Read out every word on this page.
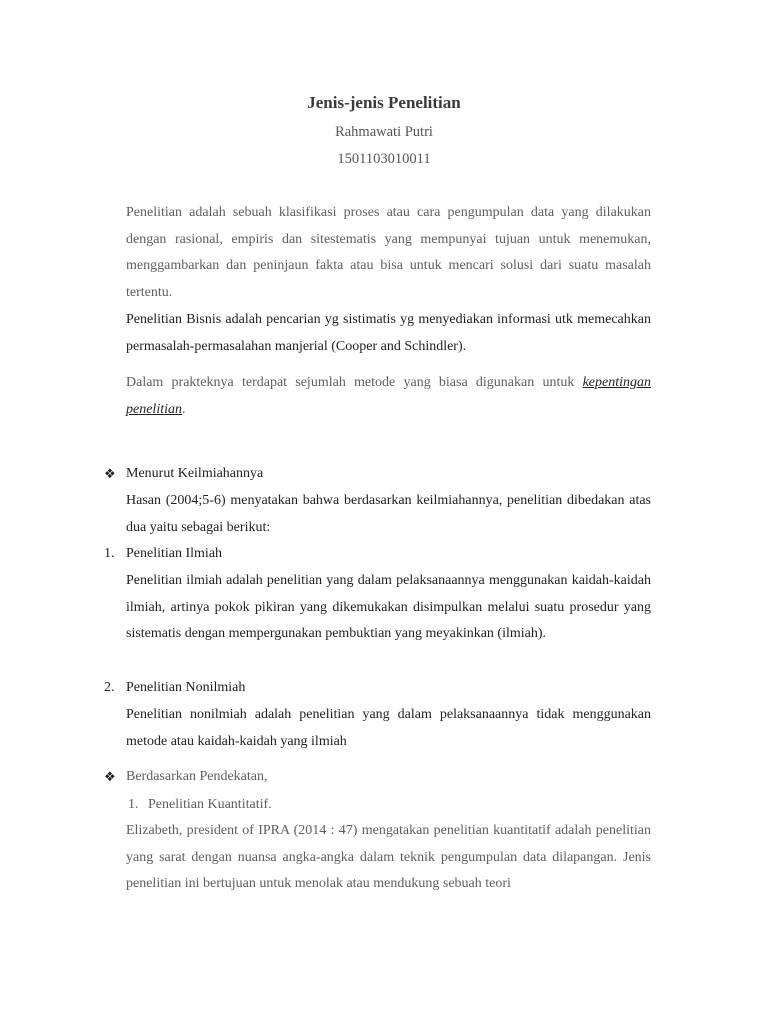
Jenis-jenis Penelitian
Rahmawati Putri
1501103010011
Penelitian adalah sebuah klasifikasi proses atau cara pengumpulan data yang dilakukan dengan rasional, empiris dan sitestematis yang mempunyai tujuan untuk menemukan, menggambarkan dan peninjaun fakta atau bisa untuk mencari solusi dari suatu masalah tertentu.
Penelitian Bisnis adalah pencarian yg sistimatis yg menyediakan informasi utk memecahkan permasalah-permasalahan manjerial (Cooper and Schindler).
Dalam prakteknya terdapat sejumlah metode yang biasa digunakan untuk kepentingan penelitian.
❖ Menurut Keilmiahannya
Hasan (2004;5-6) menyatakan bahwa berdasarkan keilmiahannya, penelitian dibedakan atas dua yaitu sebagai berikut:
1. Penelitian Ilmiah
Penelitian ilmiah adalah penelitian yang dalam pelaksanaannya menggunakan kaidah-kaidah ilmiah, artinya pokok pikiran yang dikemukakan disimpulkan melalui suatu prosedur yang sistematis dengan mempergunakan pembuktian yang meyakinkan (ilmiah).
2. Penelitian Nonilmiah
Penelitian nonilmiah adalah penelitian yang dalam pelaksanaannya tidak menggunakan metode atau kaidah-kaidah yang ilmiah
❖ Berdasarkan Pendekatan,
1. Penelitian Kuantitatif.
Elizabeth, president of IPRA (2014 : 47) mengatakan penelitian kuantitatif adalah penelitian yang sarat dengan nuansa angka-angka dalam teknik pengumpulan data dilapangan. Jenis penelitian ini bertujuan untuk menolak atau mendukung sebuah teori
